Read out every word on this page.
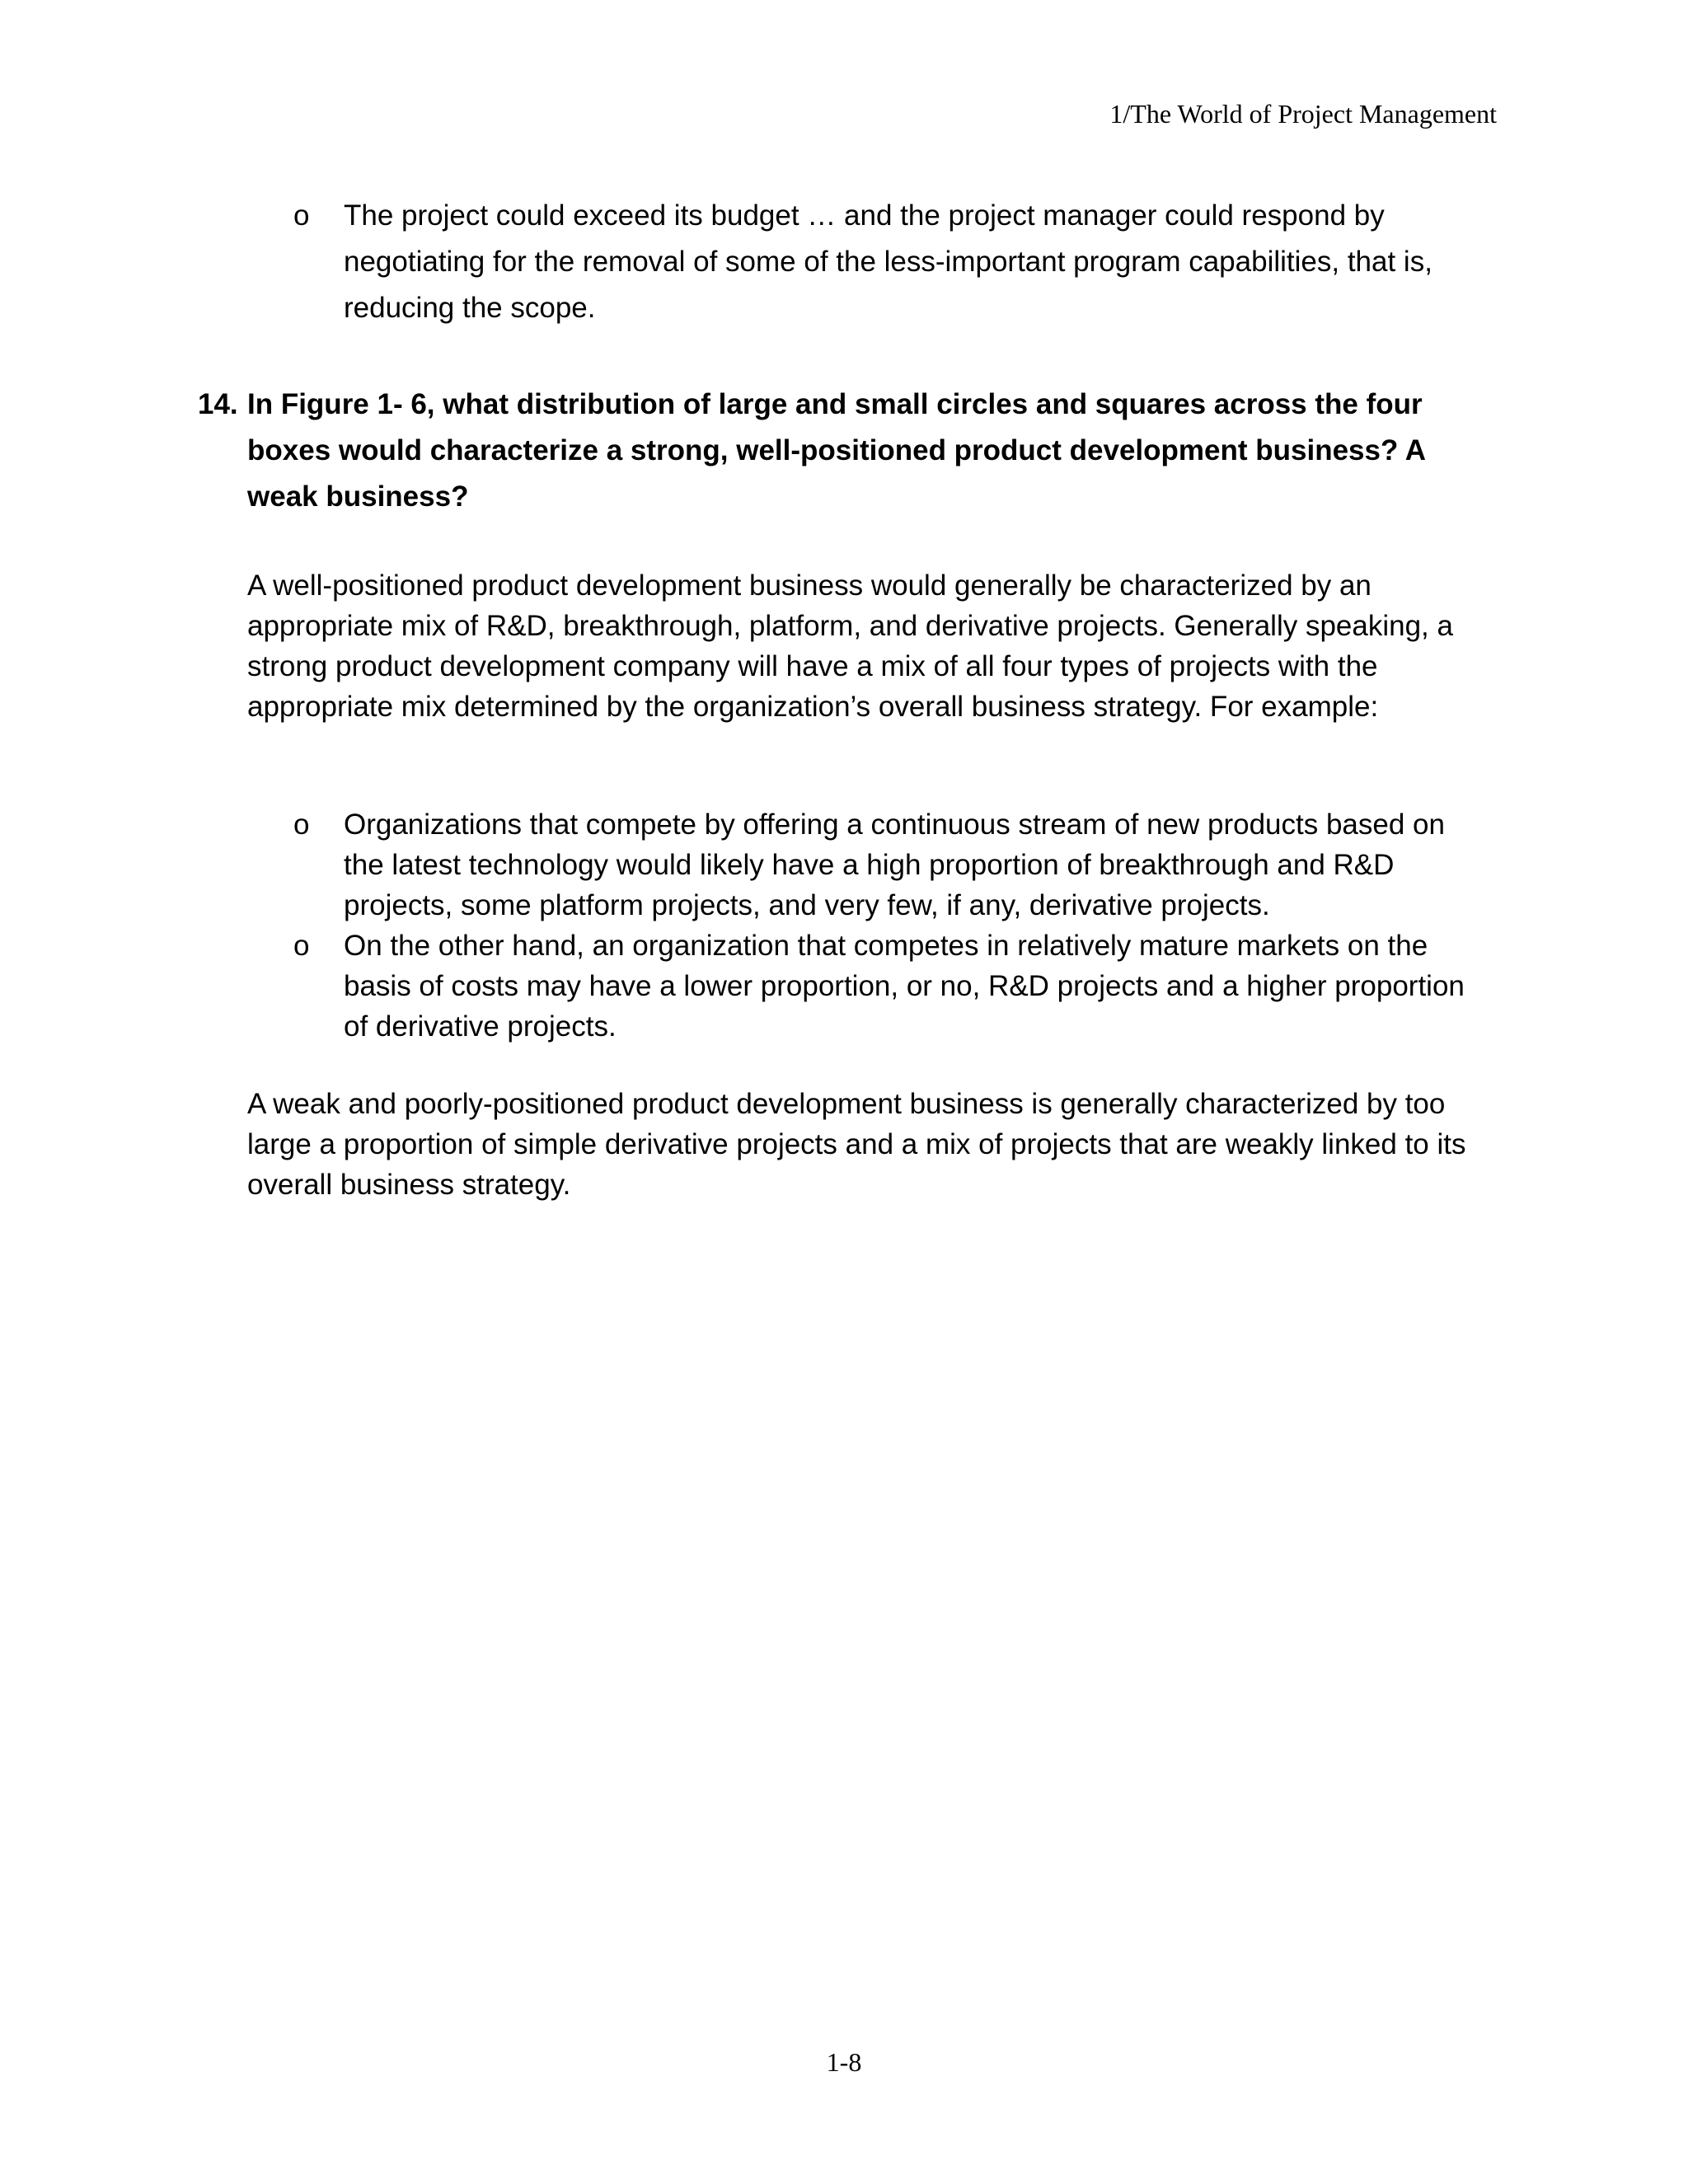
1/The World of Project Management
o	The project could exceed its budget … and the project manager could respond by negotiating for the removal of some of the less-important program capabilities, that is, reducing the scope.
14. In Figure 1- 6, what distribution of large and small circles and squares across the four boxes would characterize a strong, well-positioned product development business? A weak business?

A well-positioned product development business would generally be characterized by an appropriate mix of R&D, breakthrough, platform, and derivative projects. Generally speaking, a strong product development company will have a mix of all four types of projects with the appropriate mix determined by the organization’s overall business strategy. For example:

o	Organizations that compete by offering a continuous stream of new products based on the latest technology would likely have a high proportion of breakthrough and R&D projects, some platform projects, and very few, if any, derivative projects.
o	On the other hand, an organization that competes in relatively mature markets on the basis of costs may have a lower proportion, or no, R&D projects and a higher proportion of derivative projects.

A weak and poorly-positioned product development business is generally characterized by too large a proportion of simple derivative projects and a mix of projects that are weakly linked to its overall business strategy.

1-8
